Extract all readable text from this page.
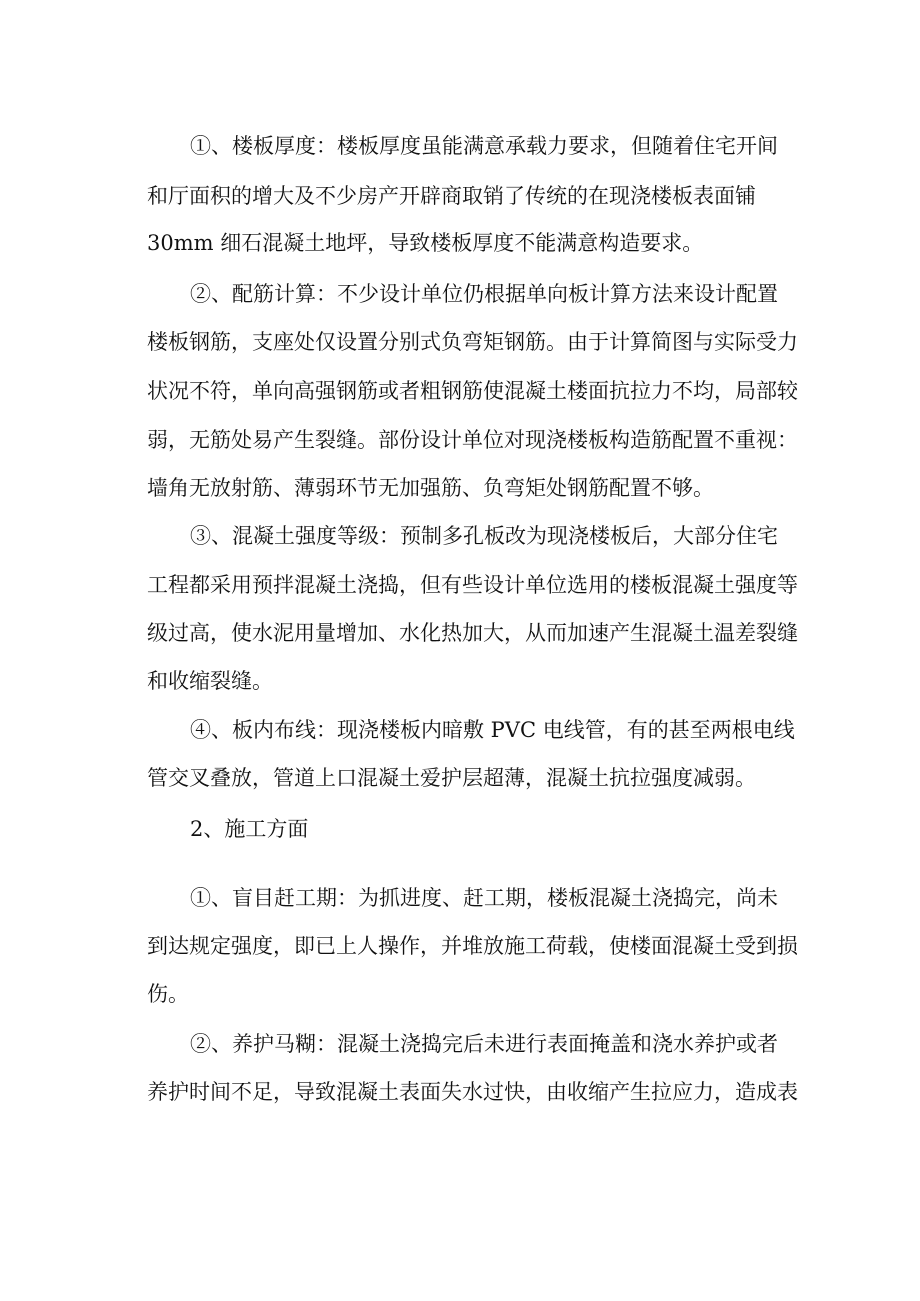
①、楼板厚度：楼板厚度虽能满意承载力要求，但随着住宅开间
和厅面积的增大及不少房产开辟商取销了传统的在现浇楼板表面铺
30mm 细石混凝土地坪，导致楼板厚度不能满意构造要求。
②、配筋计算：不少设计单位仍根据单向板计算方法来设计配置
楼板钢筋，支座处仅设置分别式负弯矩钢筋。由于计算简图与实际受力
状况不符，单向高强钢筋或者粗钢筋使混凝土楼面抗拉力不均，局部较
弱，无筋处易产生裂缝。部份设计单位对现浇楼板构造筋配置不重视：
墙角无放射筋、薄弱环节无加强筋、负弯矩处钢筋配置不够。
③、混凝土强度等级：预制多孔板改为现浇楼板后，大部分住宅
工程都采用预拌混凝土浇捣，但有些设计单位选用的楼板混凝土强度等
级过高，使水泥用量增加、水化热加大，从而加速产生混凝土温差裂缝
和收缩裂缝。
④、板内布线：现浇楼板内暗敷 PVC 电线管，有的甚至两根电线
管交叉叠放，管道上口混凝土爱护层超薄，混凝土抗拉强度减弱。
2、施工方面
①、盲目赶工期：为抓进度、赶工期，楼板混凝土浇捣完，尚未
到达规定强度，即已上人操作，并堆放施工荷载，使楼面混凝土受到损
伤。
②、养护马糊：混凝土浇捣完后未进行表面掩盖和浇水养护或者
养护时间不足，导致混凝土表面失水过快，由收缩产生拉应力，造成表
